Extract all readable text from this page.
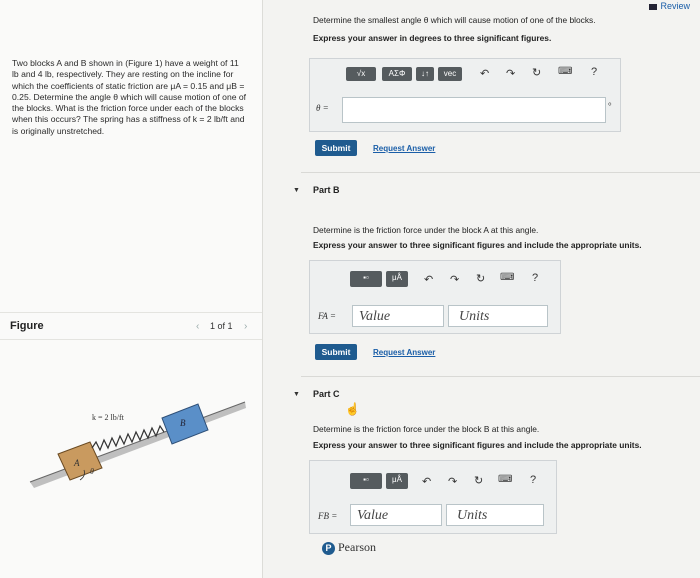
Two blocks A and B shown in (Figure 1) have a weight of 11 lb and 4 lb, respectively. They are resting on the incline for which the coefficients of static friction are μA = 0.15 and μB = 0.25. Determine the angle θ which will cause motion of one of the blocks. What is the friction force under each of the blocks when this occurs? The spring has a stiffness of k = 2 lb/ft and is originally unstretched.
Figure	‹ 1 of 1 ›
A
k = 2 lb/ft
B
θ
Review
Determine the smallest angle θ which will cause motion of one of the blocks.
Express your answer in degrees to three significant figures.
√x	ΑΣΦ	↓↑	vec	↶ ↷ ↻ ⌨ ?
θ =	°
Submit	Request Answer
▼ Part B
Determine is the friction force under the block A at this angle.
Express your answer to three significant figures and include the appropriate units.
▪▫	μÅ	↶ ↷ ↻ ⌨ ?
FA =	Value	Units
Submit	Request Answer
▼ Part C
☝
Determine is the friction force under the block B at this angle.
Express your answer to three significant figures and include the appropriate units.
▪▫	μÅ	↶ ↷ ↻ ⌨ ?
FB =	Value	Units
P Pearson
